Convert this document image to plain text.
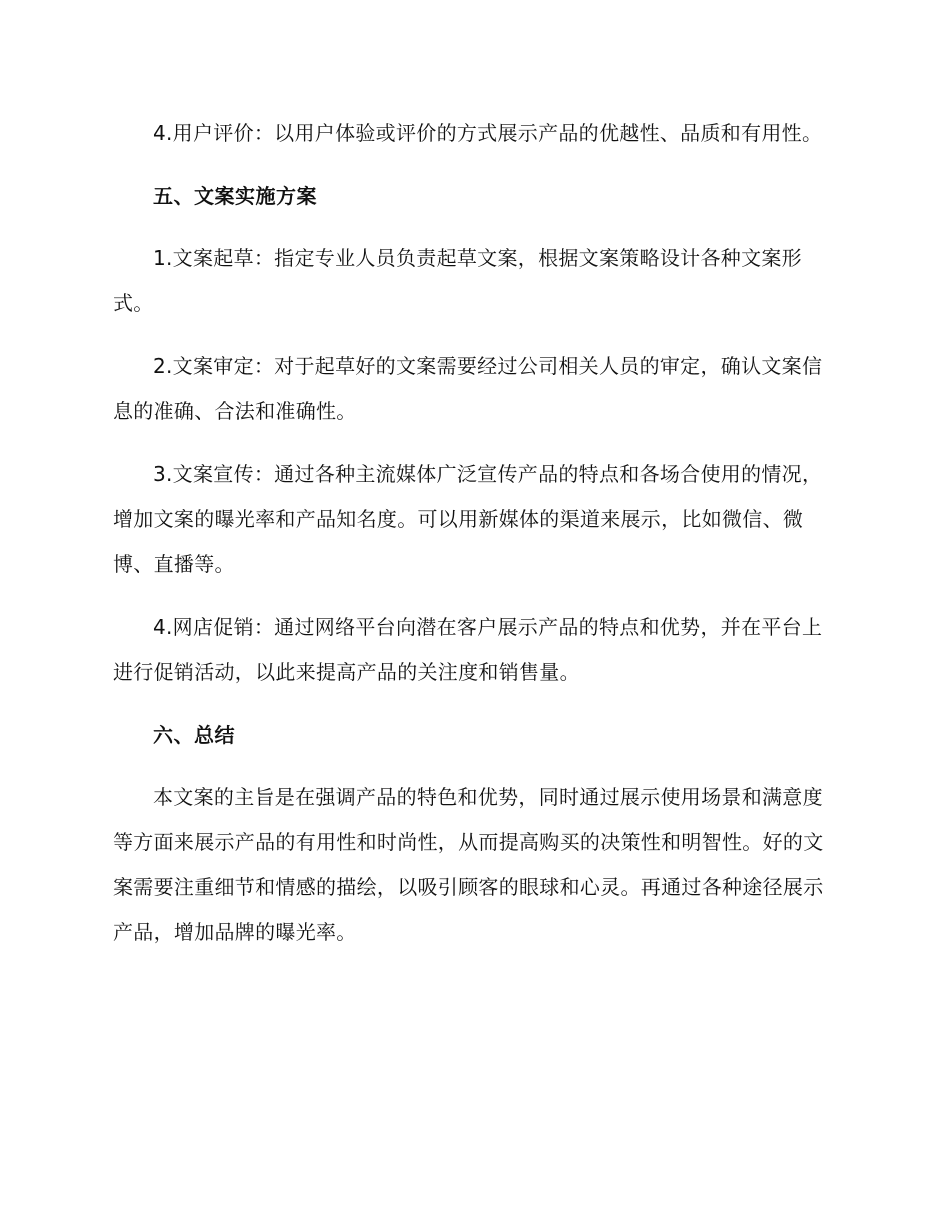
4.用户评价：以用户体验或评价的方式展示产品的优越性、品质和有用性。

五、文案实施方案

1.文案起草：指定专业人员负责起草文案，根据文案策略设计各种文案形式。

2.文案审定：对于起草好的文案需要经过公司相关人员的审定，确认文案信息的准确、合法和准确性。

3.文案宣传：通过各种主流媒体广泛宣传产品的特点和各场合使用的情况，增加文案的曝光率和产品知名度。可以用新媒体的渠道来展示，比如微信、微博、直播等。

4.网店促销：通过网络平台向潜在客户展示产品的特点和优势，并在平台上进行促销活动，以此来提高产品的关注度和销售量。

六、总结

本文案的主旨是在强调产品的特色和优势，同时通过展示使用场景和满意度等方面来展示产品的有用性和时尚性，从而提高购买的决策性和明智性。好的文案需要注重细节和情感的描绘，以吸引顾客的眼球和心灵。再通过各种途径展示产品，增加品牌的曝光率。
